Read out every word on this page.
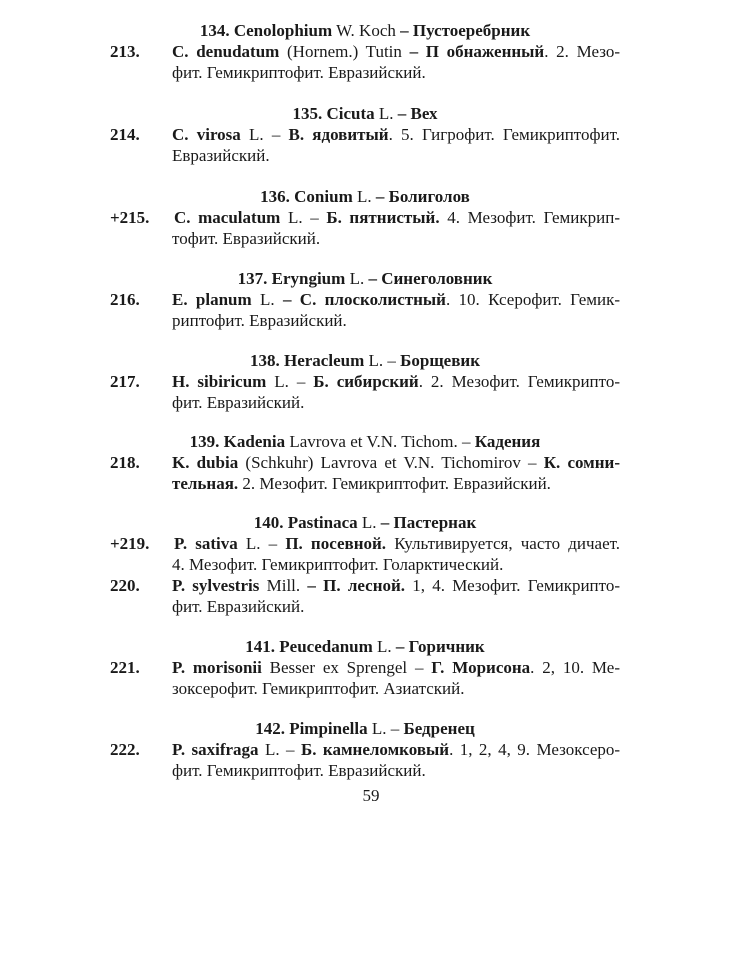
134. Cenolophium W. Koch – Пустоеребрник
213.	C. denudatum (Hornem.) Tutin – П обнаженный. 2. Мезо-
фит. Гемикриптофит. Евразийский.
135. Cicuta L. – Вех
214.	C. virosa L. – В. ядовитый. 5. Гигрофит. Гемикриптофит.
Евразийский.
136. Conium L. – Болиголов
+215.	C. maculatum L. – Б. пятнистый. 4. Мезофит. Гемикрип-
тофит. Евразийский.
137. Eryngium L. – Синеголовник
216.	E. planum L. – С. плосколистный. 10. Ксерофит. Гемик-
риптофит. Евразийский.
138. Heracleum L. – Борщевик
217.	H. sibiricum L. – Б. сибирский. 2. Мезофит. Гемикрипто-
фит. Евразийский.
139. Kadenia Lavrova et V.N. Tichom. – Кадения
218.	K. dubia (Schkuhr) Lavrova et V.N. Tichomirov – К. сомни-
тельная. 2. Мезофит. Гемикриптофит. Евразийский.
140. Pastinaca L. – Пастернак
+219.	P. sativa L. – П. посевной. Культивируется, часто дичает.
4. Мезофит. Гемикриптофит. Голарктический.
220.	P. sylvestris Mill. – П. лесной. 1, 4. Мезофит. Гемикрипто-
фит. Евразийский.
141. Peucedanum L. – Горичник
221.	P. morisonii Besser ex Sprengel – Г. Морисона. 2, 10. Ме-
зоксерофит. Гемикриптофит. Азиатский.
142. Pimpinella L. – Бедренец
222.	P. saxifraga L. – Б. камнеломковый. 1, 2, 4, 9. Мезоксеро-
фит. Гемикриптофит. Евразийский.
59
